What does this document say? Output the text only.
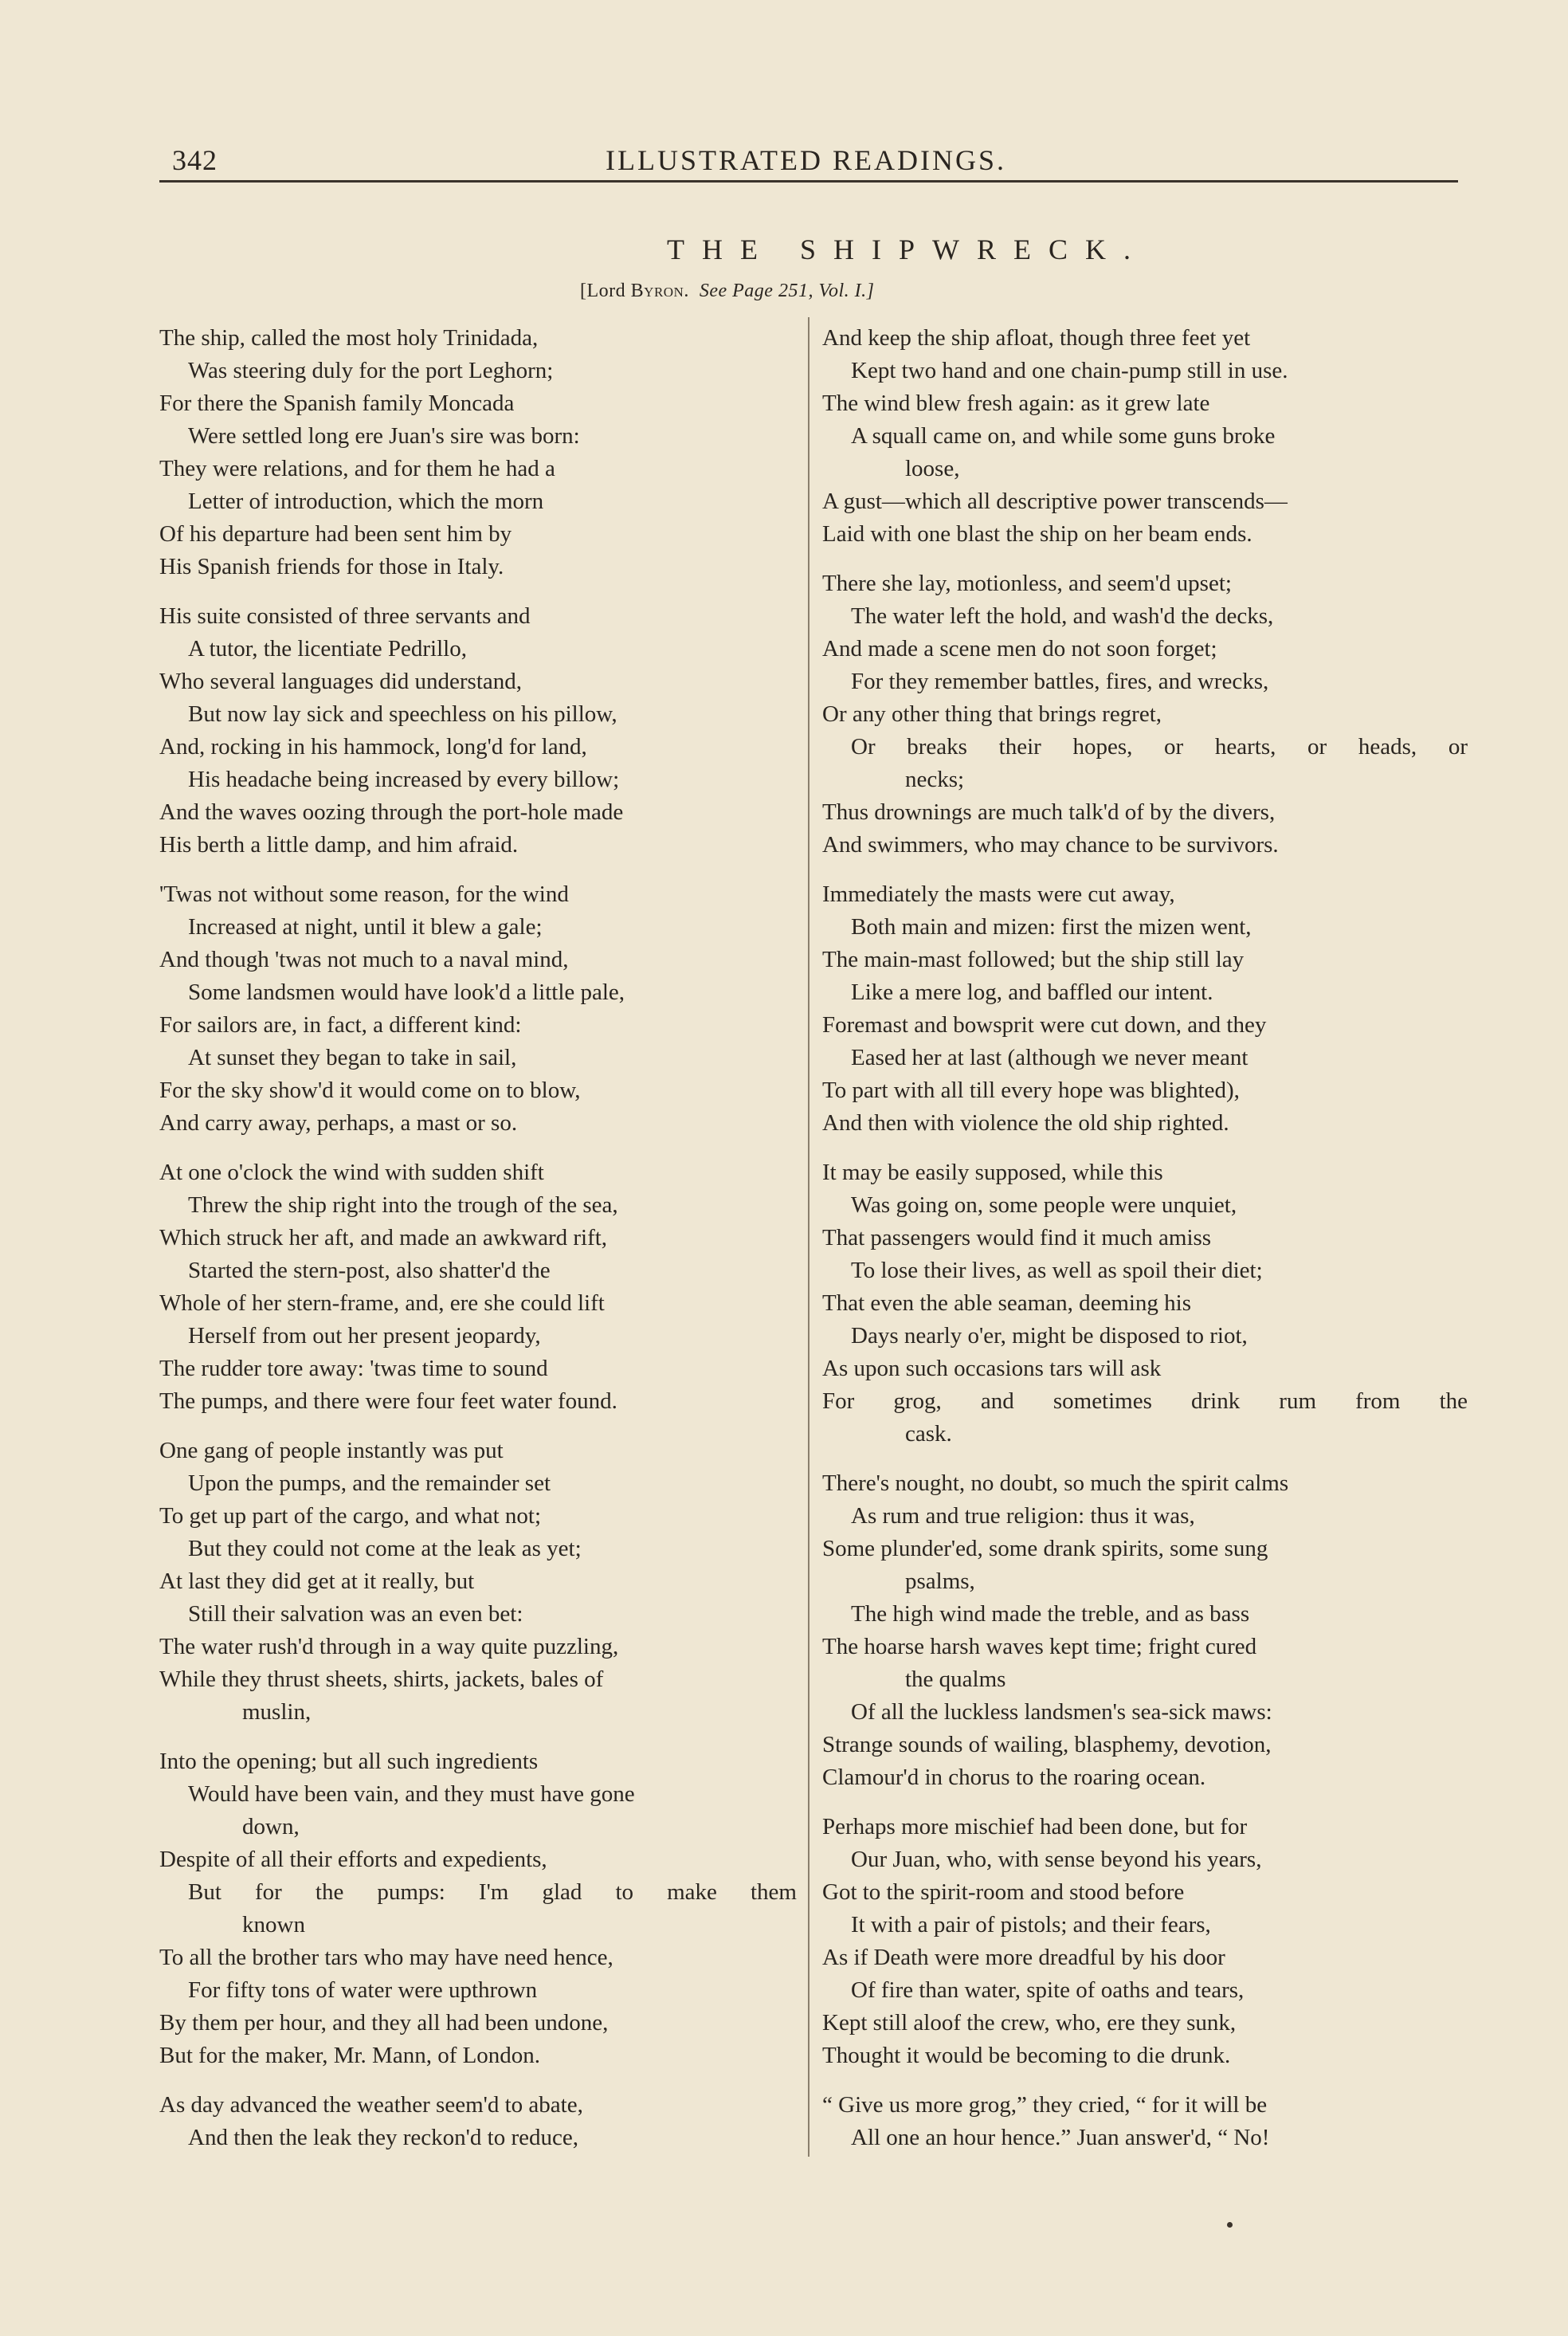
342	ILLUSTRATED READINGS.
THE SHIPWRECK.
[Lord Byron. See Page 251, Vol. I.]
The ship, called the most holy Trinidada,
Was steering duly for the port Leghorn;
For there the Spanish family Moncada
Were settled long ere Juan's sire was born:
They were relations, and for them he had a
Letter of introduction, which the morn
Of his departure had been sent him by
His Spanish friends for those in Italy.
His suite consisted of three servants and
A tutor, the licentiate Pedrillo,
Who several languages did understand,
But now lay sick and speechless on his pillow,
And, rocking in his hammock, long'd for land,
His headache being increased by every billow;
And the waves oozing through the port-hole made
His berth a little damp, and him afraid.
'Twas not without some reason, for the wind
Increased at night, until it blew a gale;
And though 'twas not much to a naval mind,
Some landsmen would have look'd a little pale,
For sailors are, in fact, a different kind:
At sunset they began to take in sail,
For the sky show'd it would come on to blow,
And carry away, perhaps, a mast or so.
At one o'clock the wind with sudden shift
Threw the ship right into the trough of the sea,
Which struck her aft, and made an awkward rift,
Started the stern-post, also shatter'd the
Whole of her stern-frame, and, ere she could lift
Herself from out her present jeopardy,
The rudder tore away: 'twas time to sound
The pumps, and there were four feet water found.
One gang of people instantly was put
Upon the pumps, and the remainder set
To get up part of the cargo, and what not;
But they could not come at the leak as yet;
At last they did get at it really, but
Still their salvation was an even bet:
The water rush'd through in a way quite puzzling,
While they thrust sheets, shirts, jackets, bales of
muslin,
Into the opening; but all such ingredients
Would have been vain, and they must have gone
down,
Despite of all their efforts and expedients,
But for the pumps: I'm glad to make them
known
To all the brother tars who may have need hence,
For fifty tons of water were upthrown
By them per hour, and they all had been undone,
But for the maker, Mr. Mann, of London.
As day advanced the weather seem'd to abate,
And then the leak they reckon'd to reduce,
And keep the ship afloat, though three feet yet
Kept two hand and one chain-pump still in use.
The wind blew fresh again: as it grew late
A squall came on, and while some guns broke
loose,
A gust—which all descriptive power transcends—
Laid with one blast the ship on her beam ends.
There she lay, motionless, and seem'd upset;
The water left the hold, and wash'd the decks,
And made a scene men do not soon forget;
For they remember battles, fires, and wrecks,
Or any other thing that brings regret,
Or breaks their hopes, or hearts, or heads, or
necks;
Thus drownings are much talk'd of by the divers,
And swimmers, who may chance to be survivors.
Immediately the masts were cut away,
Both main and mizen: first the mizen went,
The main-mast followed; but the ship still lay
Like a mere log, and baffled our intent.
Foremast and bowsprit were cut down, and they
Eased her at last (although we never meant
To part with all till every hope was blighted),
And then with violence the old ship righted.
It may be easily supposed, while this
Was going on, some people were unquiet,
That passengers would find it much amiss
To lose their lives, as well as spoil their diet;
That even the able seaman, deeming his
Days nearly o'er, might be disposed to riot,
As upon such occasions tars will ask
For grog, and sometimes drink rum from the
cask.
There's nought, no doubt, so much the spirit calms
As rum and true religion: thus it was,
Some plunder'ed, some drank spirits, some sung
psalms,
The high wind made the treble, and as bass
The hoarse harsh waves kept time; fright cured
the qualms
Of all the luckless landsmen's sea-sick maws:
Strange sounds of wailing, blasphemy, devotion,
Clamour'd in chorus to the roaring ocean.
Perhaps more mischief had been done, but for
Our Juan, who, with sense beyond his years,
Got to the spirit-room and stood before
It with a pair of pistols; and their fears,
As if Death were more dreadful by his door
Of fire than water, spite of oaths and tears,
Kept still aloof the crew, who, ere they sunk,
Thought it would be becoming to die drunk.
“ Give us more grog,” they cried, “ for it will be
All one an hour hence.” Juan answer'd, “ No!
